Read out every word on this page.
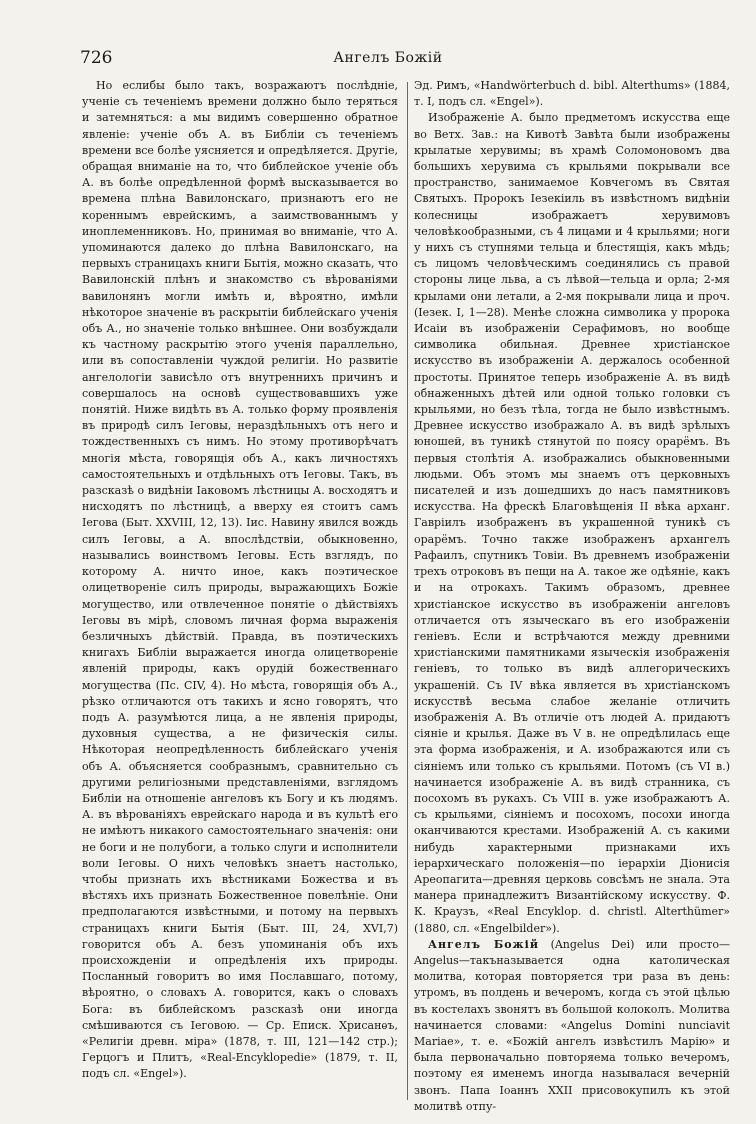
726	Ангелъ Божій

Но еслибы было такъ, возражаютъ послѣдніе, ученіе съ теченіемъ времени должно было теряться и затемняться: а мы видимъ совершенно обратное явленіе: ученіе объ А. въ Библіи съ теченіемъ времени все болѣе уясняется и опредѣляется. Другіе, обращая вниманіе на то, что библейское ученіе объ А. въ болѣе опредѣленной формѣ высказывается во времена плѣна Вавилонскаго, признаютъ его не кореннымъ еврейскимъ, а заимствованнымъ у иноплеменниковъ. Но, принимая во вниманіе, что А. упоминаются далеко до плѣна Вавилонскаго, на первыхъ страницахъ книги Бытія, можно сказать, что Вавилонскій плѣнъ и знакомство съ вѣрованіями вавилонянъ могли имѣть и, вѣроятно, имѣли нѣкоторое значеніе въ раскрытіи библейскаго ученія объ А., но значеніе только внѣшнее. Они возбуждали къ частному раскрытію этого ученія параллельно, или въ сопоставленіи чуждой религіи. Но развитіе ангелологіи зависѣло отъ внутреннихъ причинъ и совершалось на основѣ существовавшихъ уже понятій. Ниже видѣть въ А. только форму проявленія въ природѣ силъ Іеговы, нераздѣльныхъ отъ него и тождественныхъ съ нимъ. Но этому противорѣчатъ многія мѣста, говорящія объ А., какъ личностяхъ самостоятельныхъ и отдѣльныхъ отъ Іеговы. Такъ, въ разсказѣ о видѣніи Іаковомъ лѣстницы А. восходятъ и нисходятъ по лѣстницѣ, а вверху ея стоитъ самъ Іегова (Быт. XXVIII, 12, 13). Іис. Навину явился вождь силъ Іеговы, а А. впослѣдствіи, обыкновенно, назывались воинствомъ Іеговы. Есть взглядъ, по которому А. ничто иное, какъ поэтическое олицетвореніе силъ природы, выражающихъ Божіе могущество, или отвлеченное понятіе о дѣйствіяхъ Іеговы въ мірѣ, словомъ личная форма выраженія безличныхъ дѣйствій. Правда, въ поэтическихъ книгахъ Библіи выражается иногда олицетвореніе явленій природы, какъ орудій божественнаго могущества (Пс. CIV, 4). Но мѣста, говорящія объ А., рѣзко отличаются отъ такихъ и ясно говорятъ, что подъ А. разумѣются лица, а не явленія природы, духовныя существа, а не физическія силы. Нѣкоторая неопредѣленность библейскаго ученія объ А. объясняется сообразнымъ, сравнительно съ другими религіозными представленіями, взглядомъ Библіи на отношеніе ангеловъ къ Богу и къ людямъ. А. въ вѣрованіяхъ еврейскаго народа и въ культѣ его не имѣютъ никакого самостоятельнаго значенія: они не боги и не полубоги, а только слуги и исполнители воли Іеговы. О нихъ человѣкъ знаетъ настолько, чтобы признать ихъ вѣстниками Божества и въ вѣстяхъ ихъ признать Божественное повелѣніе. Они предполагаются извѣстными, и потому на первыхъ страницахъ книги Бытія (Быт. III, 24, XVI,7) говорится объ А. безъ упоминанія объ ихъ происхожденіи и опредѣленія ихъ природы. Посланный говоритъ во имя Пославшаго, потому, вѣроятно, о словахъ А. говорится, какъ о словахъ Бога: въ библейскомъ разсказѣ они иногда смѣшиваются съ Іеговою. — Ср. Еписк. Хрисанѳъ, «Религіи древн. міра» (1878, т. III, 121—142 стр.); Герцогъ и Плитъ, «Real-Encyklopedie» (1879, т. II, подъ сл. «Engel»).

Эд. Римъ, «Handwörterbuch d. bibl. Alterthums» (1884, т. I, подъ сл. «Engel»).

Изображеніе А. было предметомъ искусства еще во Ветх. Зав.: на Кивотѣ Завѣта были изображены крылатые херувимы; въ храмѣ Соломоновомъ два большихъ херувима съ крыльями покрывали все пространство, занимаемое Ковчегомъ въ Святая Святыхъ. Пророкъ Іезекіиль въ извѣстномъ видѣніи колесницы изображаетъ херувимовъ человѣкообразными, съ 4 лицами и 4 крыльями; ноги у нихъ съ ступнями тельца и блестящія, какъ мѣдь; съ лицомъ человѣческимъ соединялись съ правой стороны лице льва, а съ лѣвой—тельца и орла; 2-мя крылами они летали, а 2-мя покрывали лица и проч. (Іезек. I, 1—28). Менѣе сложна символика у пророка Исаіи въ изображеніи Серафимовъ, но вообще символика обильная. Древнее христіанское искусство въ изображеніи А. держалось особенной простоты. Принятое теперь изображеніе А. въ видѣ обнаженныхъ дѣтей или одной только головки съ крыльями, но безъ тѣла, тогда не было извѣстнымъ. Древнее искусство изображало А. въ видѣ зрѣлыхъ юношей, въ туникѣ стянутой по поясу орарёмъ. Въ первыя столѣтія А. изображались обыкновенными людьми. Объ этомъ мы знаемъ отъ церковныхъ писателей и изъ дошедшихъ до насъ памятниковъ искусства. На фрескѣ Благовѣщенія II вѣка арханг. Гавріилъ изображенъ въ украшенной туникѣ съ орарёмъ. Точно также изображенъ архангелъ Рафаилъ, спутникъ Товіи. Въ древнемъ изображеніи трехъ отроковъ въ пещи на А. такое же одѣяніе, какъ и на отрокахъ. Такимъ образомъ, древнее христіанское искусство въ изображеніи ангеловъ отличается отъ языческаго въ его изображеніи геніевъ. Если и встрѣчаются между древними христіанскими памятниками языческія изображенія геніевъ, то только въ видѣ аллегорическихъ украшеній. Съ IV вѣка является въ христіанскомъ искусствѣ весьма слабое желаніе отличить изображенія А. Въ отличіе отъ людей А. придаютъ сіяніе и крылья. Даже въ V в. не опредѣлилась еще эта форма изображенія, и А. изображаются или съ сіяніемъ или только съ крыльями. Потомъ (съ VI в.) начинается изображеніе А. въ видѣ странника, съ посохомъ въ рукахъ. Съ VIII в. уже изображаютъ А. съ крыльями, сіяніемъ и посохомъ, посохи иногда оканчиваются крестами. Изображеній А. съ какими нибудь характерными признаками ихъ іерархическаго положенія—по іерархіи Діонисія Ареопагита—древняя церковь совсѣмъ не знала. Эта манера принадлежитъ Византійскому искусству. Ф. К. Краузъ, «Real Encyklop. d. christl. Alterthümer» (1880, сл. «Engelbilder»).

Ангелъ Божій (Angelus Dei) или просто—Angelus—такъназывается одна католическая молитва, которая повторяется три раза въ день: утромъ, въ полдень и вечеромъ, когда съ этой цѣлью въ костелахъ звонятъ въ большой колоколъ. Молитва начинается словами: «Angelus Domini nunciavit Mariae», т. е. «Божій ангелъ извѣстилъ Марію» и была первоначально повторяема только вечеромъ, поэтому ея именемъ иногда называлася вечерній звонъ. Папа Іоаннъ XXII присовокупилъ къ этой молитвѣ отпу-
